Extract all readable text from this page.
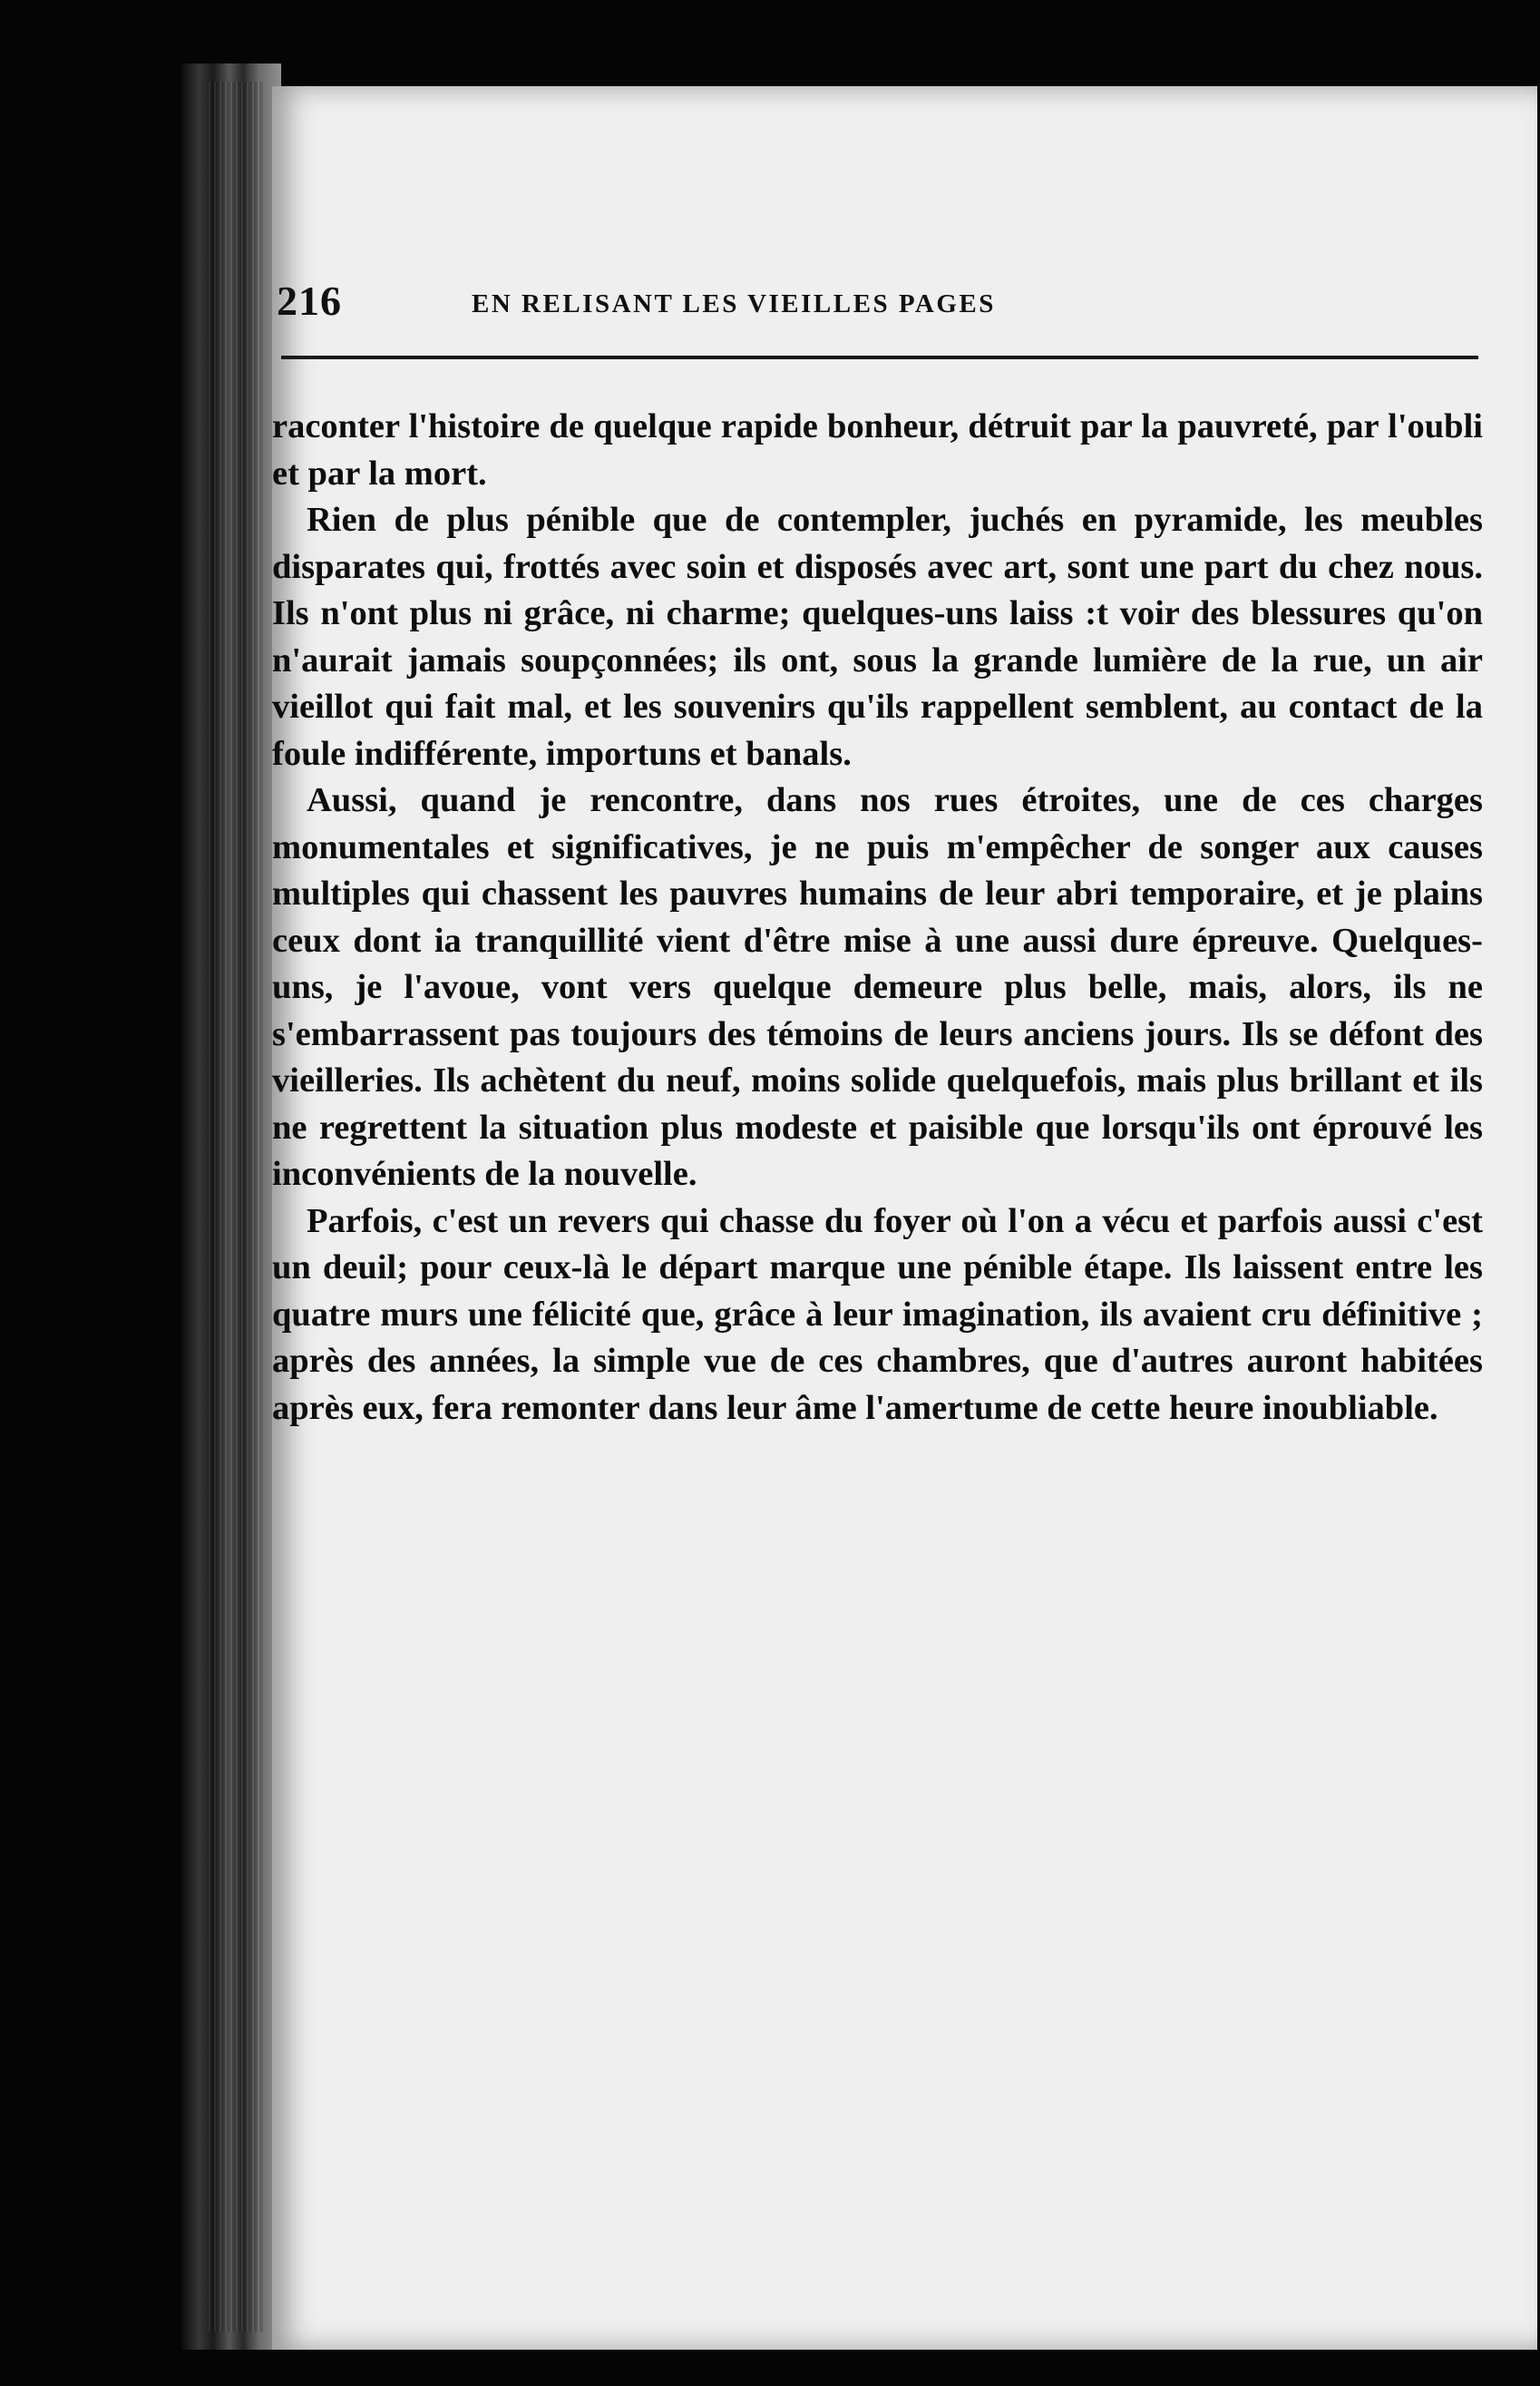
216	EN RELISANT LES VIEILLES PAGES

raconter l'histoire de quelque rapide bonheur, détruit par la pauvreté, par l'oubli et par la mort.

Rien de plus pénible que de contempler, juchés en pyramide, les meubles disparates qui, frottés avec soin et disposés avec art, sont une part du chez nous. Ils n'ont plus ni grâce, ni charme; quelques-uns laiss :t voir des blessures qu'on n'aurait jamais soupçonnées; ils ont, sous la grande lumière de la rue, un air vieillot qui fait mal, et les souvenirs qu'ils rappellent semblent, au contact de la foule indifférente, importuns et banals.

Aussi, quand je rencontre, dans nos rues étroites, une de ces charges monumentales et significatives, je ne puis m'empêcher de songer aux causes multiples qui chassent les pauvres humains de leur abri temporaire, et je plains ceux dont ia tranquillité vient d'être mise à une aussi dure épreuve. Quelques-uns, je l'avoue, vont vers quelque demeure plus belle, mais, alors, ils ne s'embarrassent pas toujours des témoins de leurs anciens jours. Ils se défont des vieilleries. Ils achètent du neuf, moins solide quelquefois, mais plus brillant et ils ne regrettent la situation plus modeste et paisible que lorsqu'ils ont éprouvé les inconvénients de la nouvelle.

Parfois, c'est un revers qui chasse du foyer où l'on a vécu et parfois aussi c'est un deuil; pour ceux-là le départ marque une pénible étape. Ils laissent entre les quatre murs une félicité que, grâce à leur imagination, ils avaient cru définitive ; après des années, la simple vue de ces chambres, que d'autres auront habitées après eux, fera remonter dans leur âme l'amertume de cette heure inoubliable.
